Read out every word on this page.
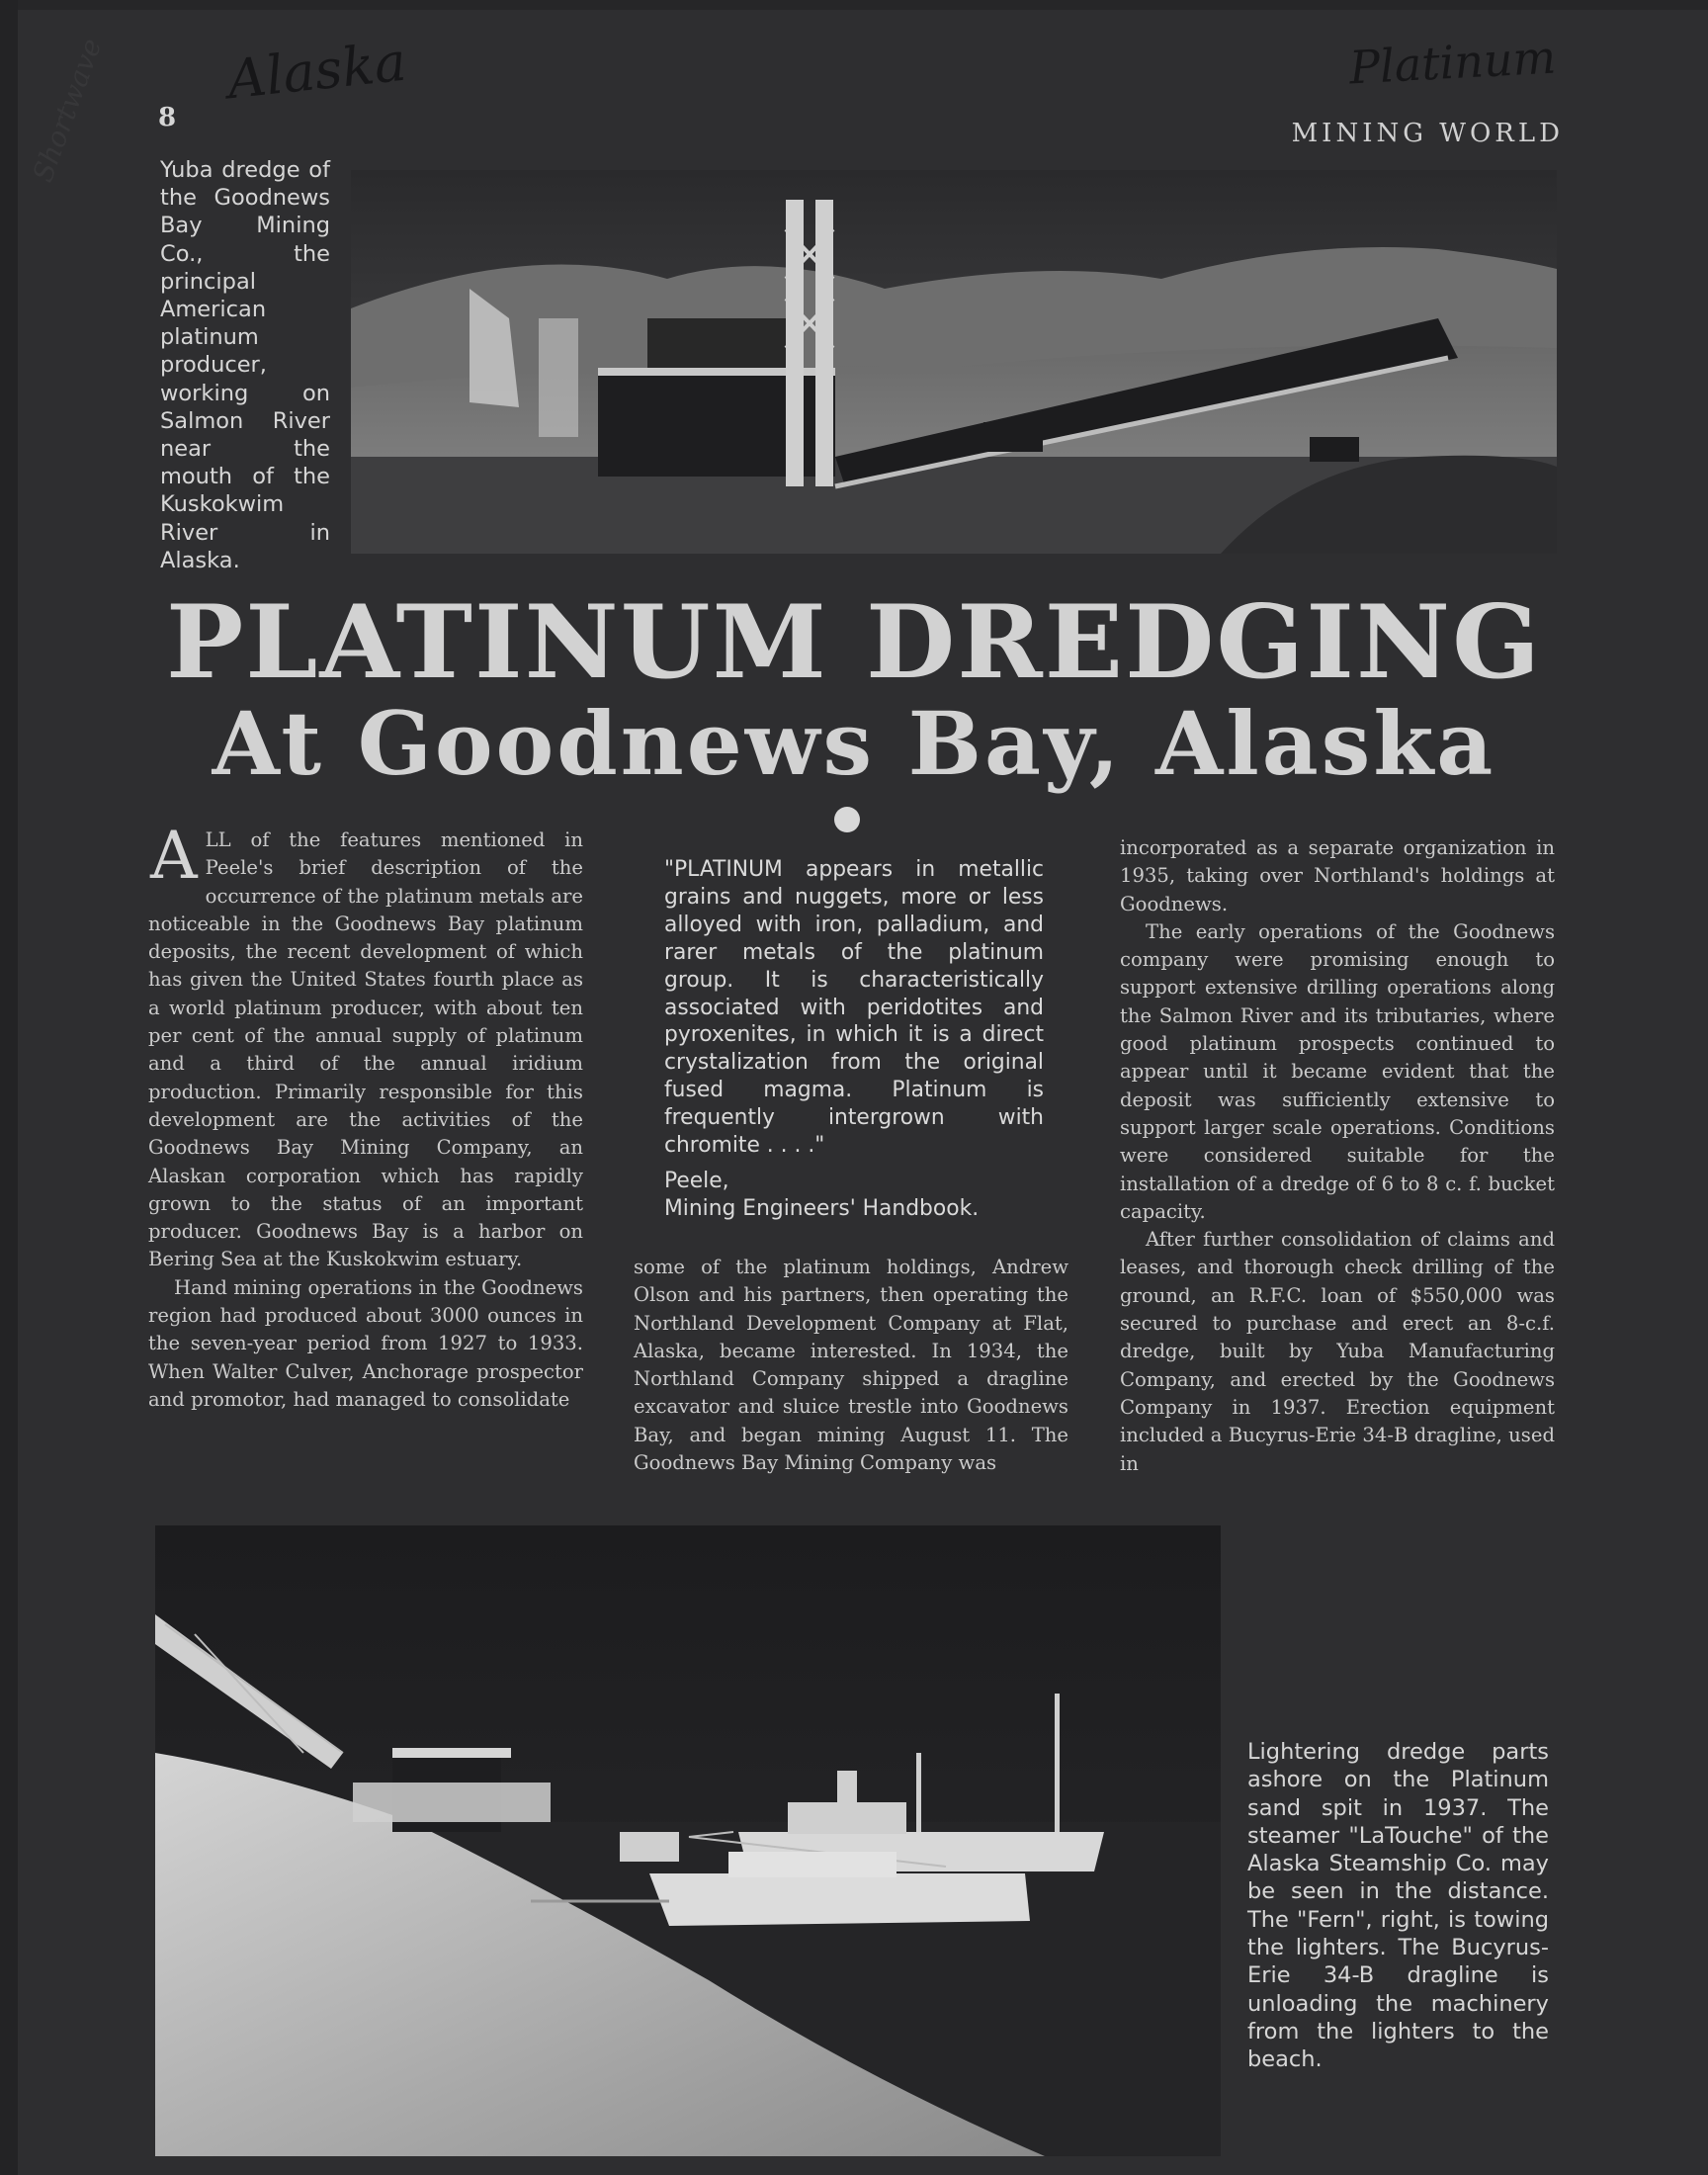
Alaska	Platinum
Shortwave 8
MINING WORLD
Yuba dredge of the Goodnews Bay Mining Co., the principal American platinum producer, working on Salmon River near the mouth of the Kuskokwim River in Alaska.
PLATINUM DREDGING
At Goodnews Bay, Alaska

ALL of the features mentioned in Peele's brief description of the occurrence of the platinum metals are noticeable in the Goodnews Bay platinum deposits, the recent development of which has given the United States fourth place as a world platinum producer, with about ten per cent of the annual supply of platinum and a third of the annual iridium production. Primarily responsible for this development are the activities of the Goodnews Bay Mining Company, an Alaskan corporation which has rapidly grown to the status of an important producer. Goodnews Bay is a harbor on Bering Sea at the Kuskokwim estuary.

Hand mining operations in the Goodnews region had produced about 3000 ounces in the seven-year period from 1927 to 1933. When Walter Culver, Anchorage prospector and promotor, had managed to consolidate

"PLATINUM appears in metallic grains and nuggets, more or less alloyed with iron, palladium, and rarer metals of the platinum group. It is characteristically associated with peridotites and pyroxenites, in which it is a direct crystalization from the original fused magma. Platinum is frequently intergrown with chromite . . . ."

Peele,
Mining Engineers' Handbook.

some of the platinum holdings, Andrew Olson and his partners, then operating the Northland Development Company at Flat, Alaska, became interested. In 1934, the Northland Company shipped a dragline excavator and sluice trestle into Goodnews Bay, and began mining August 11. The Goodnews Bay Mining Company was

incorporated as a separate organization in 1935, taking over Northland's holdings at Goodnews.

The early operations of the Goodnews company were promising enough to support extensive drilling operations along the Salmon River and its tributaries, where good platinum prospects continued to appear until it became evident that the deposit was sufficiently extensive to support larger scale operations. Conditions were considered suitable for the installation of a dredge of 6 to 8 c. f. bucket capacity.

After further consolidation of claims and leases, and thorough check drilling of the ground, an R.F.C. loan of $550,000 was secured to purchase and erect an 8-c.f. dredge, built by Yuba Manufacturing Company, and erected by the Goodnews Company in 1937. Erection equipment included a Bucyrus-Erie 34-B dragline, used in

Lightering dredge parts ashore on the Platinum sand spit in 1937. The steamer "LaTouche" of the Alaska Steamship Co. may be seen in the distance. The "Fern", right, is towing the lighters. The Bucyrus-Erie 34-B dragline is unloading the machinery from the lighters to the beach.
